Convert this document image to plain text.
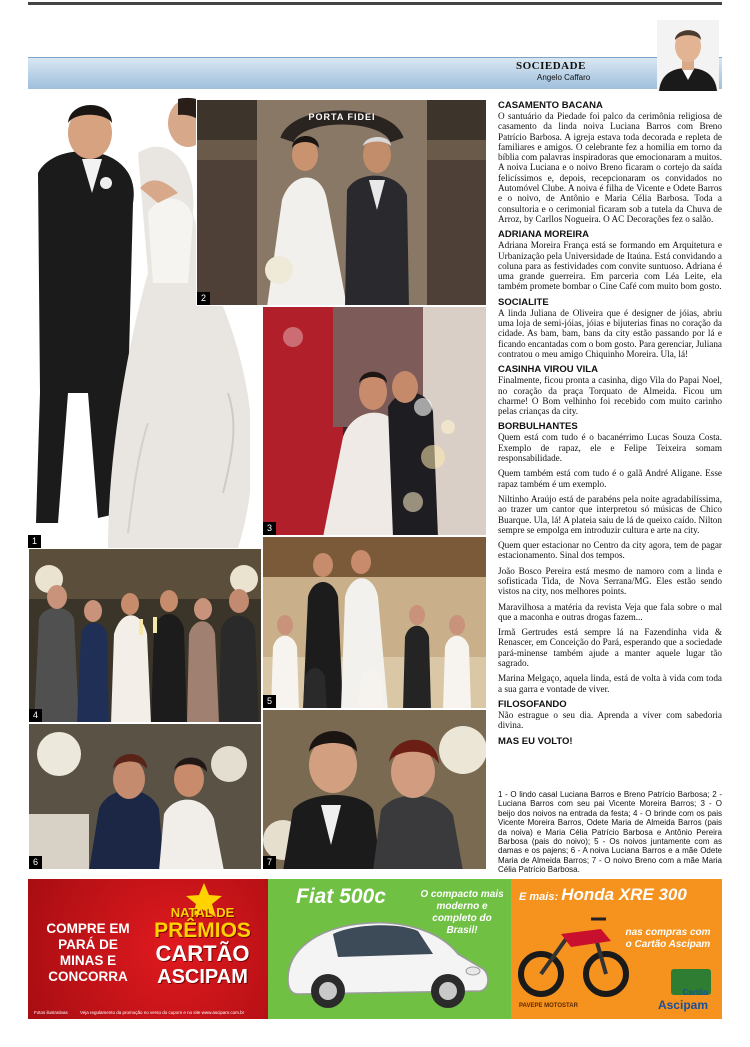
SOCIEDADE
Angelo Caffaro
1
PORTA FIDEI
2
3
4
5
6	7
CASAMENTO BACANA

O santuário da Piedade foi palco da cerimônia religiosa de casamento da linda noiva Luciana Barros com Breno Patrício Barbosa. A igreja estava toda decorada e repleta de familiares e amigos. O celebrante fez a homilia em torno da bíblia com palavras inspiradoras que emocionaram a muitos. A noiva Luciana e o noivo Breno ficaram o cortejo da saída felicíssimos e, depois, recepcionaram os convidados no Automóvel Clube. A noiva é filha de Vicente e Odete Barros e o noivo, de Antônio e Maria Célia Barbosa. Toda a consultoria e o cerimonial ficaram sob a tutela da Chuva de Arroz, by Carllos Nogueira. O AC Decorações fez o salão.

ADRIANA MOREIRA

Adriana Moreira França está se formando em Arquitetura e Urbanização pela Universidade de Itaúna. Está convidando a coluna para as festividades com convite suntuoso. Adriana é uma grande guerreira. Em parceria com Léa Leite, ela também promete bombar o Cine Café com muito bom gosto.

SOCIALITE

A linda Juliana de Oliveira que é designer de jóias, abriu uma loja de semi-jóias, jóias e bijuterias finas no coração da cidade. As bam, bam, bans da city estão passando por lá e ficando encantadas com o bom gosto. Para gerenciar, Juliana contratou o meu amigo Chiquinho Moreira. Ula, lá!

CASINHA VIROU VILA

Finalmente, ficou pronta a casinha, digo Vila do Papai Noel, no coração da praça Torquato de Almeida. Ficou um charme! O Bom velhinho foi recebido com muito carinho pelas crianças da city.

BORBULHANTES

Quem está com tudo é o bacanérrimo Lucas Souza Costa. Exemplo de rapaz, ele e Felipe Teixeira somam responsabilidade.

Quem também está com tudo é o galã André Aligane. Esse rapaz também é um exemplo.

Niltinho Araújo está de parabéns pela noite agradabilíssima, ao trazer um cantor que interpretou só músicas de Chico Buarque. Ula, lá! A plateia saiu de lá de queixo caído. Nilton sempre se empolga em introduzir cultura e arte na city.

Quem quer estacionar no Centro da city agora, tem de pagar estacionamento. Sinal dos tempos.

João Bosco Pereira está mesmo de namoro com a linda e sofisticada Tida, de Nova Serrana/MG. Eles estão sendo vistos na city, nos melhores points.

Maravilhosa a matéria da revista Veja que fala sobre o mal que a maconha e outras drogas fazem...

Irmã Gertrudes está sempre lá na Fazendinha vida & Renascer, em Conceição do Pará, esperando que a sociedade pará-minense também ajude a manter aquele lugar tão sagrado.

Marina Melgaço, aquela linda, está de volta à vida com toda a sua garra e vontade de viver.

FILOSOFANDO

Não estrague o seu dia. Aprenda a viver com sabedoria divina.

MAS EU VOLTO!
1 - O lindo casal Luciana Barros e Breno Patrício Barbosa; 2 - Luciana Barros com seu pai Vicente Moreira Barros; 3 - O beijo dos noivos na entrada da festa; 4 - O brinde com os pais Vicente Moreira Barros, Odete Maria de Almeida Barros (pais da noiva) e Maria Célia Patrício Barbosa e Antônio Pereira Barbosa (pais do noivo); 5 - Os noivos juntamente com as damas e os pajens; 6 - A noiva Luciana Barros e a mãe Odete Maria de Almeida Barros; 7 - O noivo Breno com a mãe Maria Célia Patrício Barbosa.
COMPRE EM PARÁ DE MINAS E CONCORRA
NATAL DE
PRÊMIOS
CARTÃO
ASCIPAM
Fotos ilustrativas	Veja regulamento da promoção no verso do cupom e no site www.ascipam.com.br
Fiat 500c	O compacto mais moderno e completo do Brasil!
E mais: Honda XRE 300
nas compras com o Cartão Ascipam
PAVEPE MOTOSTAR
Cartão
Ascipam
